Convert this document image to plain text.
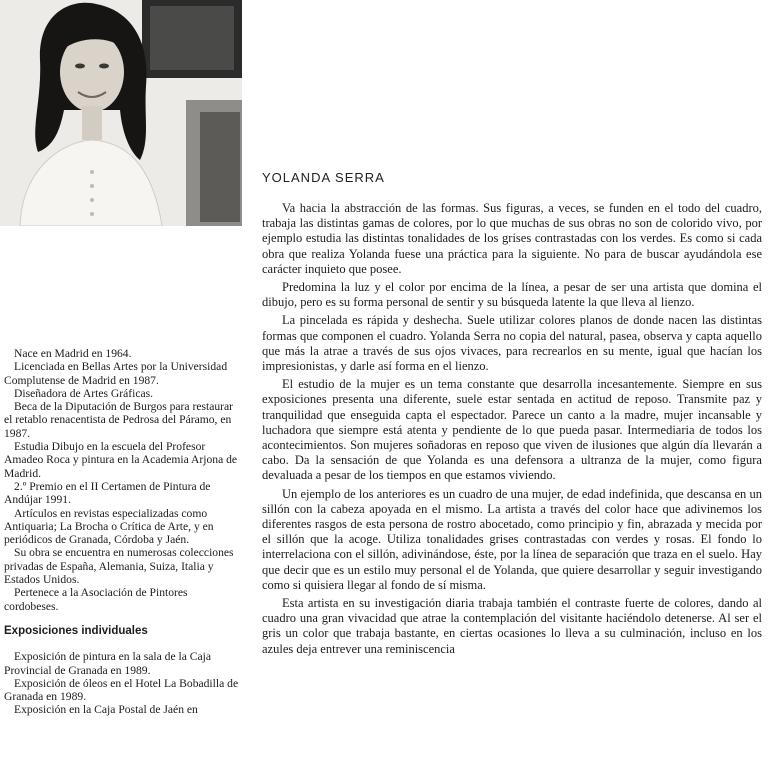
Nace en Madrid en 1964.

Licenciada en Bellas Artes por la Universidad Complutense de Madrid en 1987.

Diseñadora de Artes Gráficas.

Beca de la Diputación de Burgos para restaurar el retablo renacentista de Pedrosa del Páramo, en 1987.

Estudia Dibujo en la escuela del Profesor Amadeo Roca y pintura en la Academia Arjona de Madrid.

2.º Premio en el II Certamen de Pintura de Andújar 1991.

Artículos en revistas especializadas como Antiquaria; La Brocha o Crítica de Arte, y en periódicos de Granada, Córdoba y Jaén.

Su obra se encuentra en numerosas colecciones privadas de España, Alemania, Suiza, Italia y Estados Unidos.

Pertenece a la Asociación de Pintores cordobeses.

Exposiciones individuales

Exposición de pintura en la sala de la Caja Provincial de Granada en 1989.

Exposición de óleos en el Hotel La Bobadilla de Granada en 1989.

Exposición en la Caja Postal de Jaén en

YOLANDA SERRA

Va hacia la abstracción de las formas. Sus figuras, a veces, se funden en el todo del cuadro, trabaja las distintas gamas de colores, por lo que muchas de sus obras no son de colorido vivo, por ejemplo estudia las distintas tonalidades de los grises contrastadas con los verdes. Es como si cada obra que realiza Yolanda fuese una práctica para la siguiente. No para de buscar ayudándola ese carácter inquieto que posee.

Predomina la luz y el color por encima de la línea, a pesar de ser una artista que domina el dibujo, pero es su forma personal de sentir y su búsqueda latente la que lleva al lienzo.

La pincelada es rápida y deshecha. Suele utilizar colores planos de donde nacen las distintas formas que componen el cuadro. Yolanda Serra no copia del natural, pasea, observa y capta aquello que más la atrae a través de sus ojos vivaces, para recrearlos en su mente, igual que hacían los impresionistas, y darle así forma en el lienzo.

El estudio de la mujer es un tema constante que desarrolla incesantemente. Siempre en sus exposiciones presenta una diferente, suele estar sentada en actitud de reposo. Transmite paz y tranquilidad que enseguida capta el espectador. Parece un canto a la madre, mujer incansable y luchadora que siempre está atenta y pendiente de lo que pueda pasar. Intermediaria de todos los acontecimientos. Son mujeres soñadoras en reposo que viven de ilusiones que algún día llevarán a cabo. Da la sensación de que Yolanda es una defensora a ultranza de la mujer, como figura devaluada a pesar de los tiempos en que estamos viviendo.

Un ejemplo de los anteriores es un cuadro de una mujer, de edad indefinida, que descansa en un sillón con la cabeza apoyada en el mismo. La artista a través del color hace que adivinemos los diferentes rasgos de esta persona de rostro abocetado, como principio y fin, abrazada y mecida por el sillón que la acoge. Utiliza tonalidades grises contrastadas con verdes y rosas. El fondo lo interrelaciona con el sillón, adivinándose, éste, por la línea de separación que traza en el suelo. Hay que decir que es un estilo muy personal el de Yolanda, que quiere desarrollar y seguir investigando como si quisiera llegar al fondo de sí misma.

Esta artista en su investigación diaria trabaja también el contraste fuerte de colores, dando al cuadro una gran vivacidad que atrae la contemplación del visitante haciéndolo detenerse. Al ser el gris un color que trabaja bastante, en ciertas ocasiones lo lleva a su culminación, incluso en los azules deja entrever una reminiscencia
